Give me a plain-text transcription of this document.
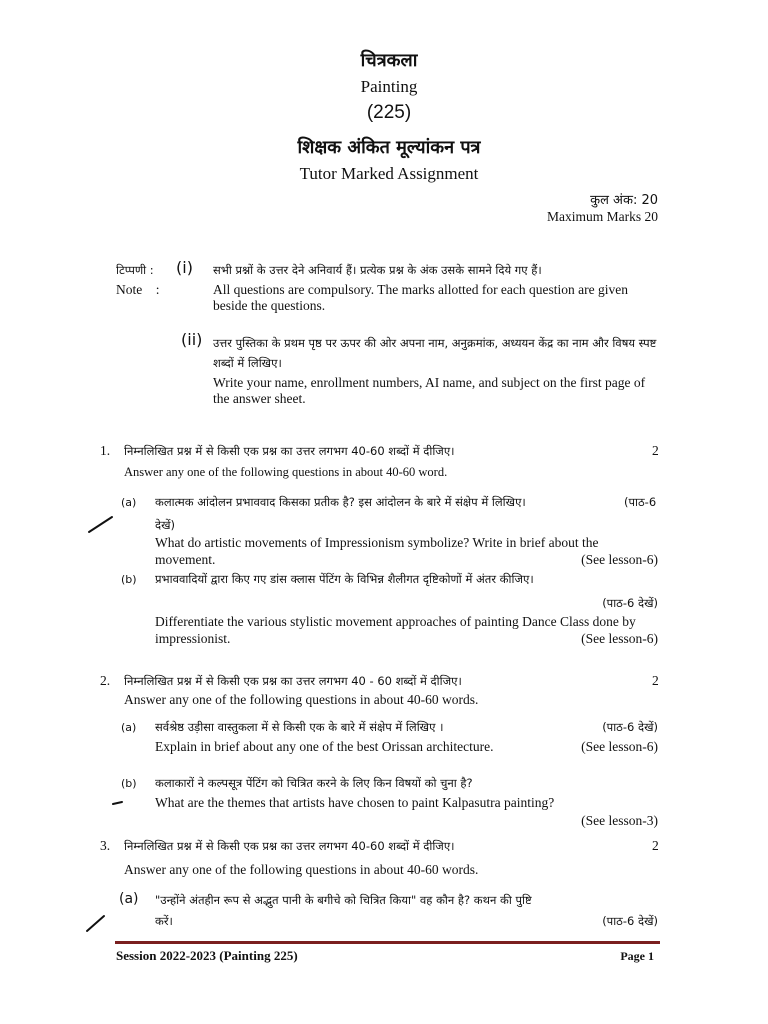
चित्रकला
Painting
(225)
शिक्षक अंकित मूल्यांकन पत्र
Tutor Marked Assignment
कुल अंक: 20
Maximum Marks 20
टिप्पणी : (i) सभी प्रश्नों के उत्तर देने अनिवार्य हैं। प्रत्येक प्रश्न के अंक उसके सामने दिये गए हैं।
Note    :	All questions are compulsory. The marks allotted for each question are given beside the questions.
(ii) उत्तर पुस्तिका के प्रथम पृष्ठ पर ऊपर की ओर अपना नाम, अनुक्रमांक, अध्ययन केंद्र का नाम और विषय स्पष्ट शब्दों में लिखिए।
Write your name, enrollment numbers, AI name, and subject on the first page of the answer sheet.
1. निम्नलिखित प्रश्न में से किसी एक प्रश्न का उत्तर लगभग 40-60 शब्दों में दीजिए।	2
Answer any one of the following questions in about 40-60 word.
(a) कलात्मक आंदोलन प्रभाववाद किसका प्रतीक है? इस आंदोलन के बारे में संक्षेप में लिखिए।	(पाठ-6
देखें)
What do artistic movements of Impressionism symbolize? Write in brief about the
movement.	(See lesson-6)
(b) प्रभाववादियों द्वारा किए गए डांस क्लास पेंटिंग के विभिन्न शैलीगत दृष्टिकोणों में अंतर कीजिए।
(पाठ-6 देखें)
Differentiate the various stylistic movement approaches of painting Dance Class done by
impressionist.	(See lesson-6)
2. निम्नलिखित प्रश्न में से किसी एक प्रश्न का उत्तर लगभग 40 - 60 शब्दों में दीजिए।	2
Answer any one of the following questions in about 40-60 words.
(a) सर्वश्रेष्ठ उड़ीसा वास्तुकला में से किसी एक के बारे में संक्षेप में लिखिए ।	(पाठ-6 देखें)
Explain in brief about any one of the best Orissan architecture.	(See lesson-6)
(b) कलाकारों ने कल्पसूत्र पेंटिंग को चित्रित करने के लिए किन विषयों को चुना है?
What are the themes that artists have chosen to paint Kalpasutra painting?
(See lesson-3)
3. निम्नलिखित प्रश्न में से किसी एक प्रश्न का उत्तर लगभग 40-60 शब्दों में दीजिए।	2
Answer any one of the following questions in about 40-60 words.
(a) "उन्होंने अंतहीन रूप से अद्भुत पानी के बगीचे को चित्रित किया" वह कौन है? कथन की पुष्टि
करें।	(पाठ-6 देखें)
Session 2022-2023 (Painting 225)	Page 1
